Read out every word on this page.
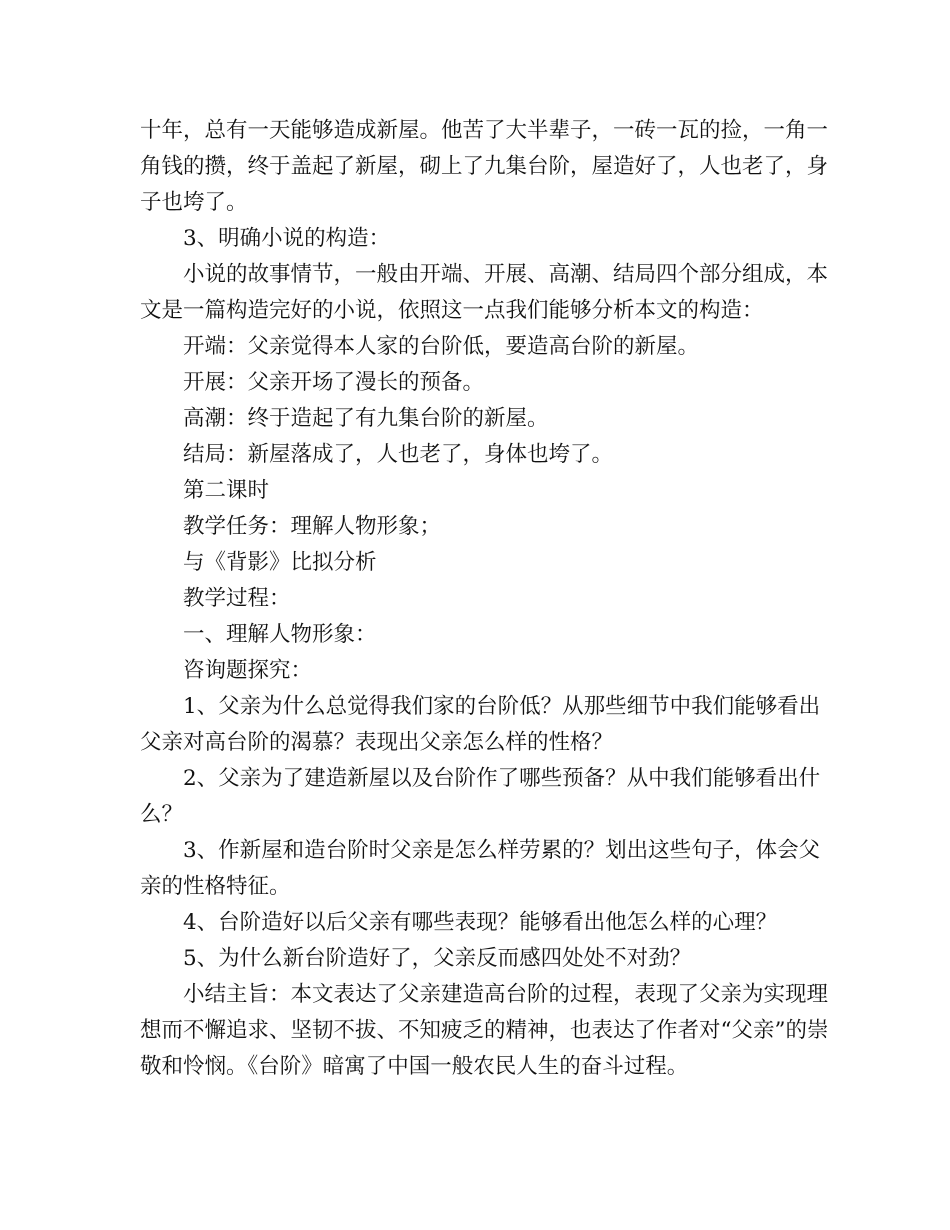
十年，总有一天能够造成新屋。他苦了大半辈子，一砖一瓦的捡，一角一角钱的攒，终于盖起了新屋，砌上了九集台阶，屋造好了，人也老了，身子也垮了。

3、明确小说的构造：

小说的故事情节，一般由开端、开展、高潮、结局四个部分组成，本文是一篇构造完好的小说，依照这一点我们能够分析本文的构造：

开端：父亲觉得本人家的台阶低，要造高台阶的新屋。

开展：父亲开场了漫长的预备。

高潮：终于造起了有九集台阶的新屋。

结局：新屋落成了，人也老了，身体也垮了。

第二课时

教学任务：理解人物形象；

与《背影》比拟分析

教学过程：

一、理解人物形象：

咨询题探究：

1、父亲为什么总觉得我们家的台阶低？从那些细节中我们能够看出父亲对高台阶的渴慕？表现出父亲怎么样的性格？

2、父亲为了建造新屋以及台阶作了哪些预备？从中我们能够看出什么？

3、作新屋和造台阶时父亲是怎么样劳累的？划出这些句子，体会父亲的性格特征。

4、台阶造好以后父亲有哪些表现？能够看出他怎么样的心理？

5、为什么新台阶造好了，父亲反而感四处处不对劲？

小结主旨：本文表达了父亲建造高台阶的过程，表现了父亲为实现理想而不懈追求、坚韧不拔、不知疲乏的精神，也表达了作者对“父亲”的崇敬和怜悯。《台阶》暗寓了中国一般农民人生的奋斗过程。
